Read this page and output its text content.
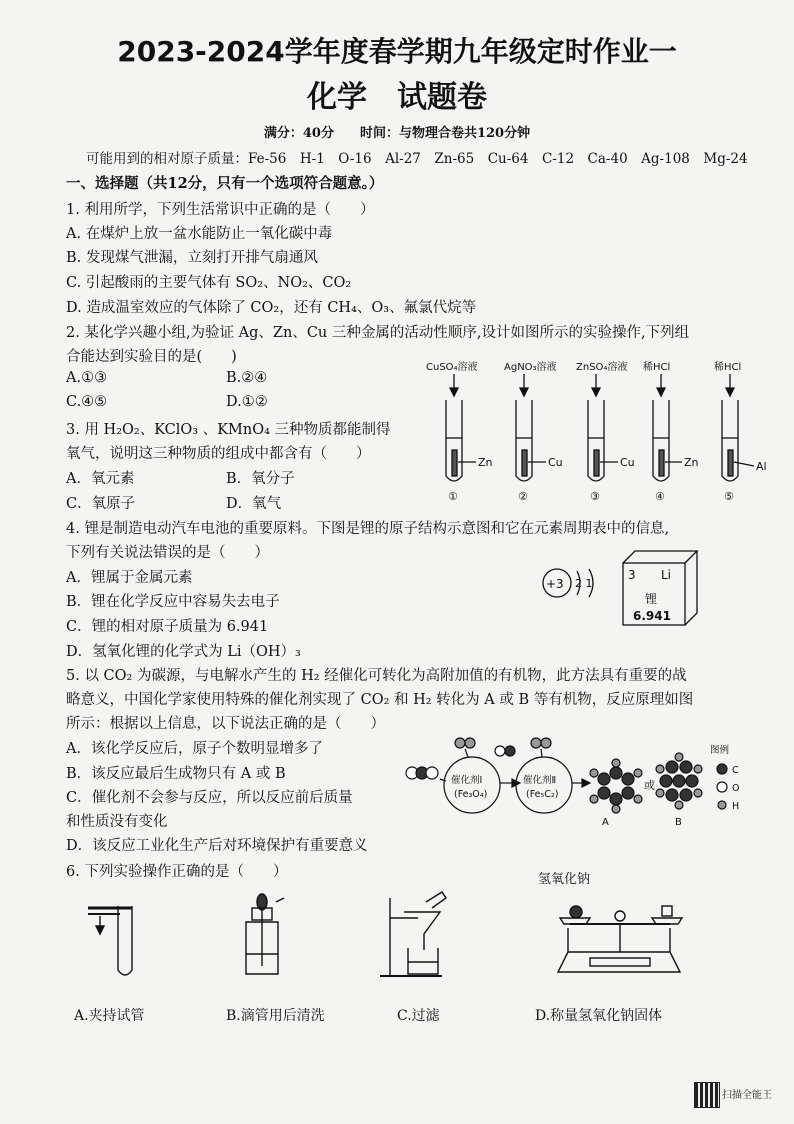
2023-2024学年度春学期九年级定时作业一
化学　试题卷
满分：40分　　时间：与物理合卷共120分钟
可能用到的相对原子质量：Fe-56　H-1　O-16　Al-27　Zn-65　Cu-64　C-12　Ca-40　Ag-108　Mg-24
一、选择题（共12分，只有一个选项符合题意。）
1. 利用所学，下列生活常识中正确的是（　　）
A. 在煤炉上放一盆水能防止一氧化碳中毒
B. 发现煤气泄漏，立刻打开排气扇通风
C. 引起酸雨的主要气体有 SO₂、NO₂、CO₂
D. 造成温室效应的气体除了 CO₂，还有 CH₄、O₃、氟氯代烷等
2. 某化学兴趣小组,为验证 Ag、Zn、Cu 三种金属的活动性顺序,设计如图所示的实验操作,下列组
合能达到实验目的是(　　)
A.①③	B.②④
C.④⑤	D.①②
3. 用 H₂O₂、KClO₃ 、KMnO₄ 三种物质都能制得
氧气，说明这三种物质的组成中都含有（　　）
A．氧元素	B．氧分子
C．氧原子	D．氧气
CuSO₄溶液	AgNO₃溶液 ZnSO₄溶液 稀HCl	稀HCl
Zn	Cu	Cu	Zn	Al
①	②	③	④	⑤
4. 锂是制造电动汽车电池的重要原料。下图是锂的原子结构示意图和它在元素周期表中的信息,
下列有关说法错误的是（　　）
A．锂属于金属元素
B．锂在化学反应中容易失去电子
C．锂的相对原子质量为 6.941
D．氢氧化锂的化学式为 Li（OH）₃
+3 2 1
3 Li
锂
6.941
5. 以 CO₂ 为碳源，与电解水产生的 H₂ 经催化可转化为高附加值的有机物，此方法具有重要的战
略意义，中国化学家使用特殊的催化剂实现了 CO₂ 和 H₂ 转化为 A 或 B 等有机物，反应原理如图
所示：根据以上信息，以下说法正确的是（　　）
A．该化学反应后，原子个数明显增多了
B．该反应最后生成物只有 A 或 B
C．催化剂不会参与反应，所以反应前后质量
和性质没有变化
D．该反应工业化生产后对环境保护有重要意义
催化剂Ⅰ
(Fe₃O₄)
催化剂Ⅱ
(Fe₅C₂)
或
A	B
图例
C
O
H
6. 下列实验操作正确的是（　　）	氢氧化钠
A.夹持试管	B.滴管用后清洗	C.过滤	D.称量氢氧化钠固体
扫描全能王
